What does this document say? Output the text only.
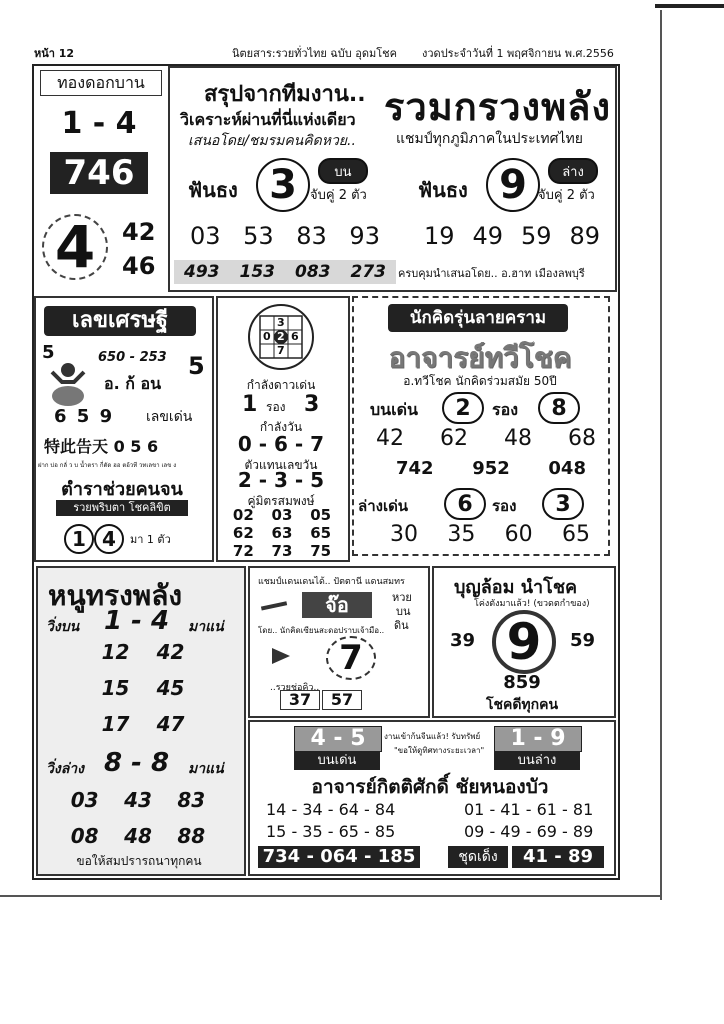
หน้า 12	นิตยสาร:รวยทั่วไทย ฉบับ อุดมโชค งวดประจำวันที่ 1 พฤศจิกายน พ.ศ.2556
ทองดอกบาน
1 - 4
746
4	42
46
สรุปจากทีมงาน..
วิเคราะห์ผ่านที่นี่แห่งเดียว
เสนอโดย/ชมรมคนคิดหวย..
รวมกรวงพลัง
แชมป์ทุกภูมิภาคในประเทศไทย
ฟันธง 3	บน
จับคู่ 2 ตัว	ฟันธง 9	ล่าง
จับคู่ 2 ตัว
03 53 83 93 19 49 59 89
493 153 083 273 ครบคุมนำเสนอโดย.. อ.ฮาท เมืองลพบุรี
เลขเศรษฐี
5	650 - 253 5
อ. ก้ อน
6 5 9 เลขเด่น
特此告天 0 5 6
ฝาก บ่อ กลั่ ว บ น้ำตรา กี่ตัด ฮอ ตอ้วที วทเลขา เลข ง
ตำราช่วยคนจน
รวยพริบตา โชคลิขิต
1 4	มา 1 ตัว
3
0 2 6
7
กำลังดาวเด่น
1 รอง 3
กำลังวัน
0 - 6 - 7
ตัวแทนเลขวัน
2 - 3 - 5
คู่มิตรสมพงษ์
02 03 05
62 63 65
72 73 75
นักคิดรุ่นลายคราม
อาจารย์ทวีโชค
อ.ทวีโชค นักคิดร่วมสมัย 50ปี
บนเด่น	2	รอง	8
42 62 48 68
742 952 048
ล่างเด่น	6	รอง	3
30 35 60 65
หนูทรงพลัง
วิ่งบน 1 - 4 มาแน่
12 42
15 45
17 47
วิ่งล่าง 8 - 8 มาแน่
03 43 83
08 48 88
ขอให้สมปรารถนาทุกคน
แชมป์แดนเดนได้.. ปัตตานี แดนสมทร
จ๊อ	หวย
บน
ดิน
โดย.. นักคิดเซียนสะดอปราบเจ้ามือ..
7
..รวยช่อคิว..
37	57
บุญล้อม นำโชค
โค่งตังมาแล้ว! (ขวดตกำของ)
39 9	59
859
โชคดีทุกคน
4 - 5	งานเข้าก้นจีนแล้ว! รับทรัพย์
"ขอให้ดูทิศทางระยะเวลา"	1 - 9
บนเด่น	บนล่าง
อาจารย์กิตติศักดิ์ ชัยหนองบัว
14 - 34 - 64 - 84	01 - 41 - 61 - 81
15 - 35 - 65 - 85	09 - 49 - 69 - 89
734 - 064 - 185	ชุดเด็ง	41 - 89
